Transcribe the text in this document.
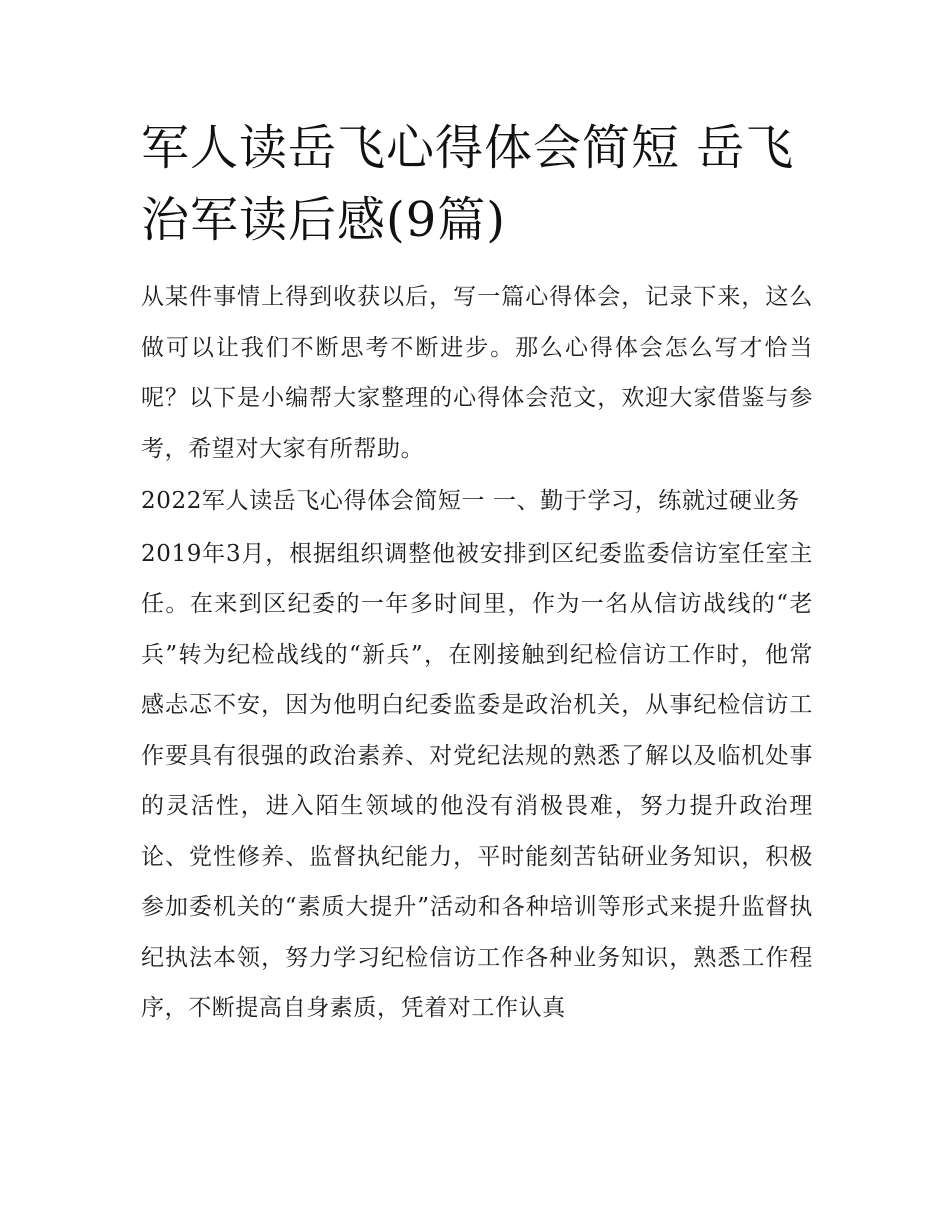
军人读岳飞心得体会简短 岳飞治军读后感(9篇)

从某件事情上得到收获以后，写一篇心得体会，记录下来，这么做可以让我们不断思考不断进步。那么心得体会怎么写才恰当呢？以下是小编帮大家整理的心得体会范文，欢迎大家借鉴与参考，希望对大家有所帮助。

2022军人读岳飞心得体会简短一 一、勤于学习，练就过硬业务

2019年3月，根据组织调整他被安排到区纪委监委信访室任室主任。在来到区纪委的一年多时间里，作为一名从信访战线的“老兵”转为纪检战线的“新兵”，在刚接触到纪检信访工作时，他常感忐忑不安，因为他明白纪委监委是政治机关，从事纪检信访工作要具有很强的政治素养、对党纪法规的熟悉了解以及临机处事的灵活性，进入陌生领域的他没有消极畏难，努力提升政治理论、党性修养、监督执纪能力，平时能刻苦钻研业务知识，积极参加委机关的“素质大提升”活动和各种培训等形式来提升监督执纪执法本领，努力学习纪检信访工作各种业务知识，熟悉工作程序，不断提高自身素质，凭着对工作认真
